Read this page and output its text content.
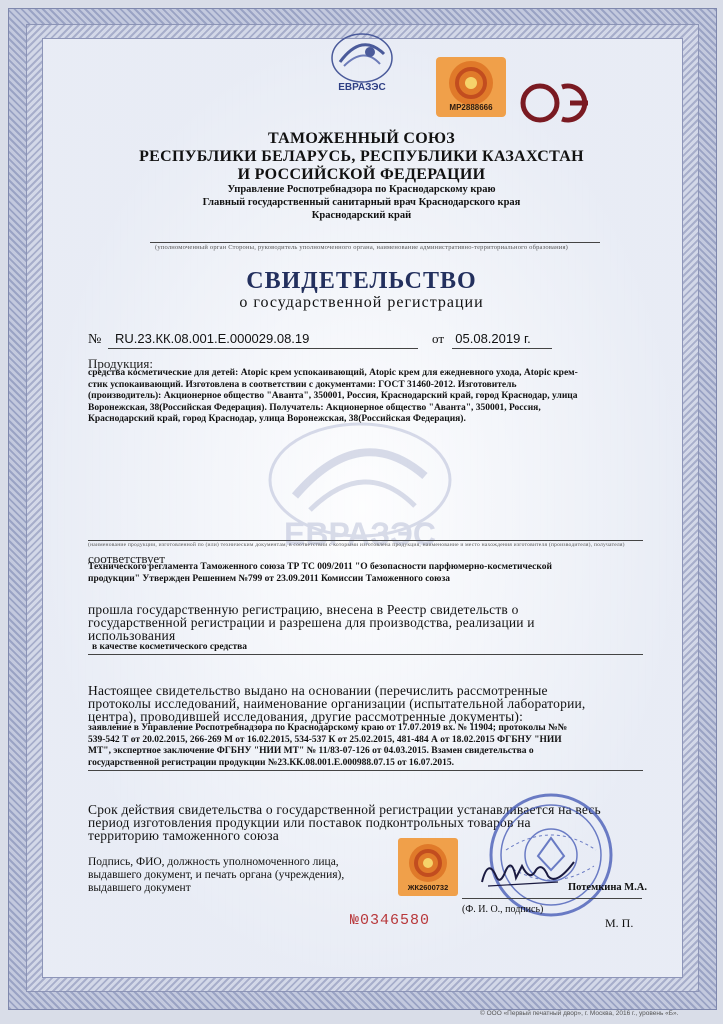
ЕВРАЗЭС
МР2888666
ТАМОЖЕННЫЙ СОЮЗ
РЕСПУБЛИКИ БЕЛАРУСЬ, РЕСПУБЛИКИ КАЗАХСТАН
И РОССИЙСКОЙ ФЕДЕРАЦИИ
Управление Роспотребнадзора по Краснодарскому краю
Главный государственный санитарный врач Краснодарского края
Краснодарский край
(уполномоченный орган Стороны, руководитель уполномоченного органа, наименование административно-территориального образования)
СВИДЕТЕЛЬСТВО
о государственной регистрации
№ RU.23.КК.08.001.Е.000029.08.19	от 05.08.2019 г.
ЕВРАЗЭС
Продукция:
средства косметические для детей: Atopic крем успокаивающий, Atopic крем для ежедневного ухода, Atopic крем-
стик успокаивающий. Изготовлена в соответствии с документами: ГОСТ 31460-2012. Изготовитель
(производитель): Акционерное общество "Аванта", 350001, Россия, Краснодарский край, город Краснодар, улица
Воронежская, 38(Российская Федерация). Получатель: Акционерное общество "Аванта", 350001, Россия,
Краснодарский край, город Краснодар, улица Воронежская, 38(Российская Федерация).
(наименование продукции, изготовленной по (или) техническим документам, в соответствии с которыми изготовлена продукция, наименование и место нахождения изготовителя (производителя), получателя)
соответствует
Технического регламента Таможенного союза ТР ТС 009/2011 "О безопасности парфюмерно-косметической
продукции" Утвержден Решением №799 от 23.09.2011 Комиссии Таможенного союза
прошла государственную регистрацию, внесена в Реестр свидетельств о
государственной регистрации и разрешена для производства, реализации и
использования
в качестве косметического средства
Настоящее свидетельство выдано на основании (перечислить рассмотренные
протоколы исследований, наименование организации (испытательной лаборатории,
центра), проводившей исследования, другие рассмотренные документы):
заявление в Управление Роспотребнадзора по Краснодарскому краю от 17.07.2019 вх. № 11904; протоколы №№
539-542 Т от 20.02.2015, 266-269 М от 16.02.2015, 534-537 К от 25.02.2015, 481-484 А от 18.02.2015 ФГБНУ "НИИ
МТ", экспертное заключение ФГБНУ "НИИ МТ" № 11/83-07-126 от 04.03.2015. Взамен свидетельства о
государственной регистрации продукции №23.КК.08.001.Е.000988.07.15 от 16.07.2015.
Срок действия свидетельства о государственной регистрации устанавливается на весь
период изготовления продукции или поставок подконтрольных товаров на
территорию таможенного союза
Подпись, ФИО, должность уполномоченного лица,
выдавшего документ, и печать органа (учреждения),
выдавшего документ	ЖК2600732	Потемкина М.А.
(Ф. И. О., подпись)
М. П.
№0346580
© ООО «Первый печатный двор», г. Москва, 2016 г., уровень «Б».
